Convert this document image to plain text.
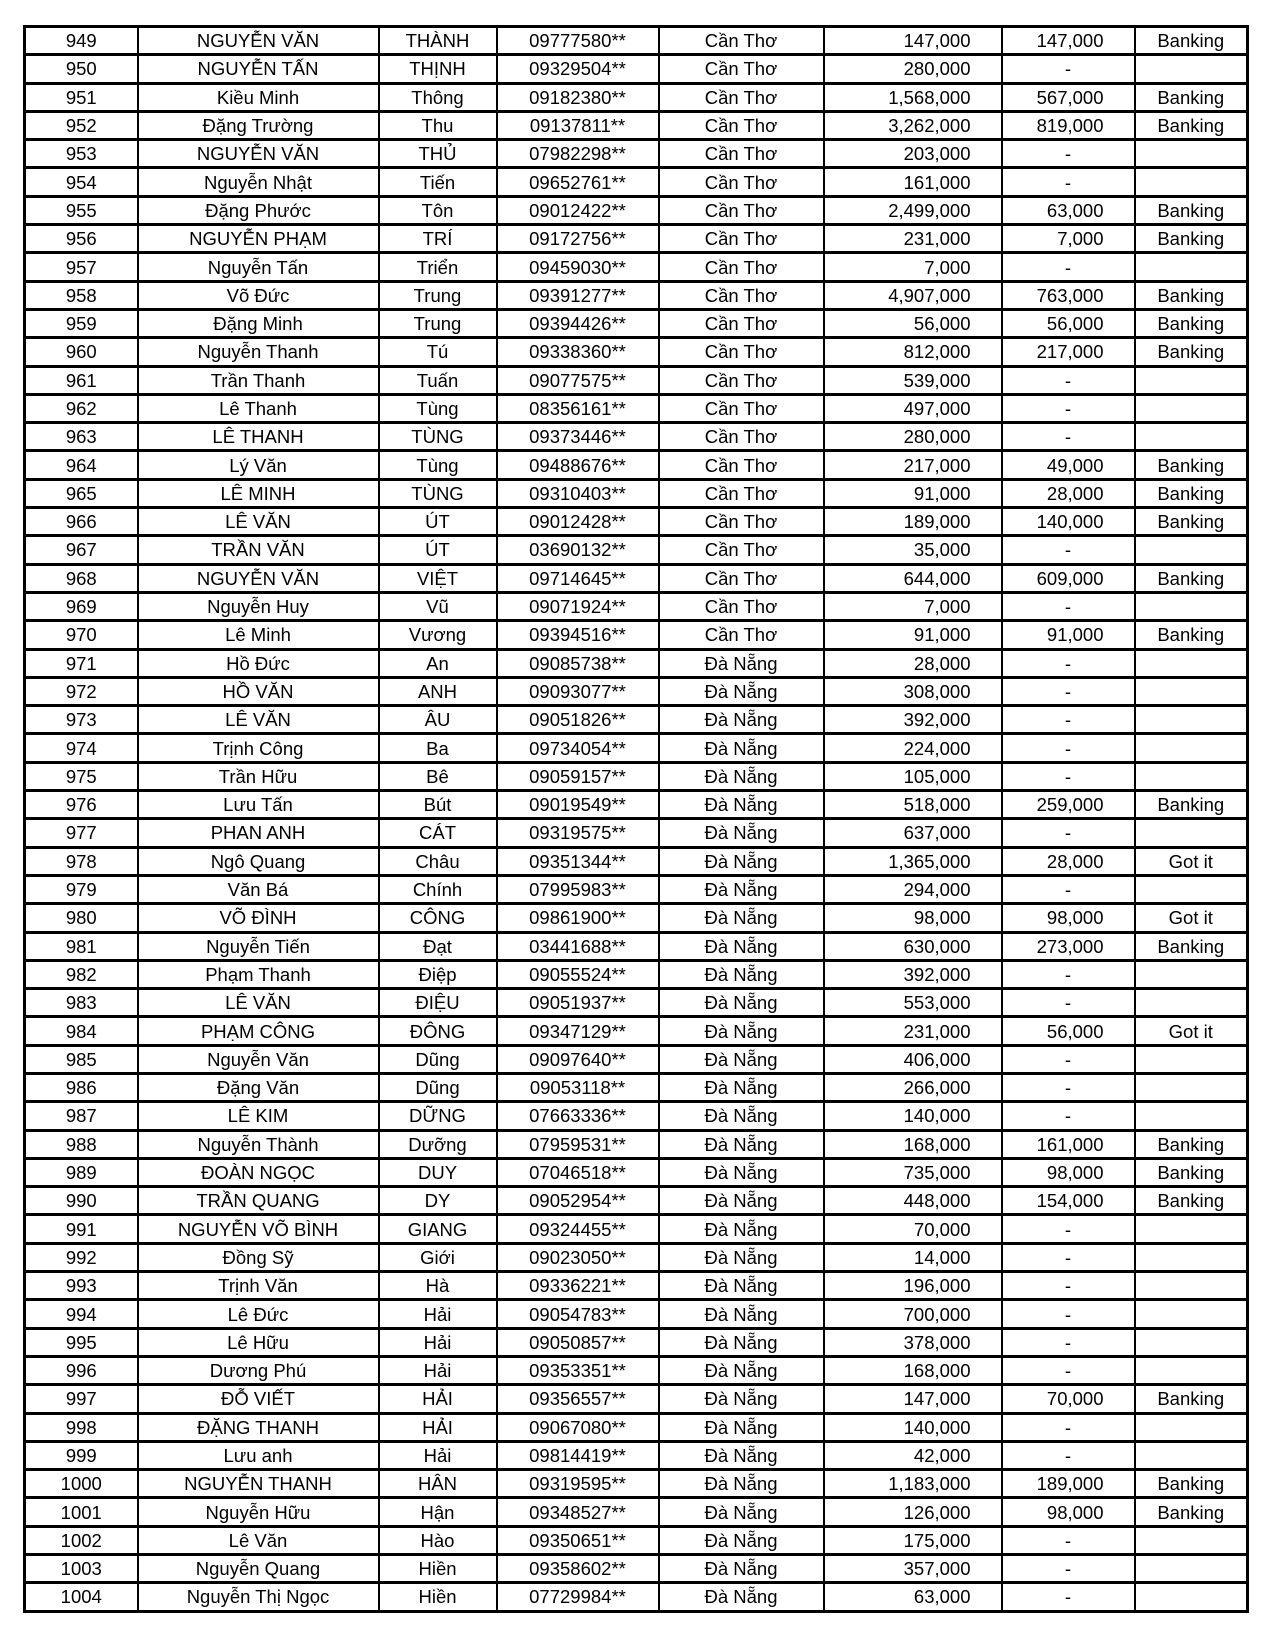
949	NGUYỄN VĂN	THÀNH	09777580**	Cần Thơ	147,000	147,000	Banking
950	NGUYỄN TẤN	THỊNH	09329504**	Cần Thơ	280,000	-	
951	Kiều Minh	Thông	09182380**	Cần Thơ	1,568,000	567,000	Banking
952	Đặng Trường	Thu	09137811**	Cần Thơ	3,262,000	819,000	Banking
953	NGUYỄN VĂN	THỦ	07982298**	Cần Thơ	203,000	-	
954	Nguyễn Nhật	Tiến	09652761**	Cần Thơ	161,000	-	
955	Đặng Phước	Tôn	09012422**	Cần Thơ	2,499,000	63,000	Banking
956	NGUYỄN PHẠM	TRÍ	09172756**	Cần Thơ	231,000	7,000	Banking
957	Nguyễn Tấn	Triển	09459030**	Cần Thơ	7,000	-	
958	Võ Đức	Trung	09391277**	Cần Thơ	4,907,000	763,000	Banking
959	Đặng Minh	Trung	09394426**	Cần Thơ	56,000	56,000	Banking
960	Nguyễn Thanh	Tú	09338360**	Cần Thơ	812,000	217,000	Banking
961	Trần Thanh	Tuấn	09077575**	Cần Thơ	539,000	-	
962	Lê Thanh	Tùng	08356161**	Cần Thơ	497,000	-	
963	LÊ THANH	TÙNG	09373446**	Cần Thơ	280,000	-	
964	Lý Văn	Tùng	09488676**	Cần Thơ	217,000	49,000	Banking
965	LÊ MINH	TÙNG	09310403**	Cần Thơ	91,000	28,000	Banking
966	LÊ VĂN	ÚT	09012428**	Cần Thơ	189,000	140,000	Banking
967	TRẦN VĂN	ÚT	03690132**	Cần Thơ	35,000	-	
968	NGUYỄN VĂN	VIỆT	09714645**	Cần Thơ	644,000	609,000	Banking
969	Nguyễn Huy	Vũ	09071924**	Cần Thơ	7,000	-	
970	Lê Minh	Vương	09394516**	Cần Thơ	91,000	91,000	Banking
971	Hồ Đức	An	09085738**	Đà Nẵng	28,000	-	
972	HỒ VĂN	ANH	09093077**	Đà Nẵng	308,000	-	
973	LÊ VĂN	ÂU	09051826**	Đà Nẵng	392,000	-	
974	Trịnh Công	Ba	09734054**	Đà Nẵng	224,000	-	
975	Trần Hữu	Bê	09059157**	Đà Nẵng	105,000	-	
976	Lưu Tấn	Bút	09019549**	Đà Nẵng	518,000	259,000	Banking
977	PHAN ANH	CÁT	09319575**	Đà Nẵng	637,000	-	
978	Ngô Quang	Châu	09351344**	Đà Nẵng	1,365,000	28,000	Got it
979	Văn Bá	Chính	07995983**	Đà Nẵng	294,000	-	
980	VÕ ĐÌNH	CÔNG	09861900**	Đà Nẵng	98,000	98,000	Got it
981	Nguyễn Tiến	Đạt	03441688**	Đà Nẵng	630,000	273,000	Banking
982	Phạm Thanh	Điệp	09055524**	Đà Nẵng	392,000	-	
983	LÊ VĂN	ĐIỆU	09051937**	Đà Nẵng	553,000	-	
984	PHẠM CÔNG	ĐÔNG	09347129**	Đà Nẵng	231,000	56,000	Got it
985	Nguyễn Văn	Dũng	09097640**	Đà Nẵng	406,000	-	
986	Đặng Văn	Dũng	09053118**	Đà Nẵng	266,000	-	
987	LÊ KIM	DỮNG	07663336**	Đà Nẵng	140,000	-	
988	Nguyễn Thành	Dưỡng	07959531**	Đà Nẵng	168,000	161,000	Banking
989	ĐOÀN NGỌC	DUY	07046518**	Đà Nẵng	735,000	98,000	Banking
990	TRẦN QUANG	DY	09052954**	Đà Nẵng	448,000	154,000	Banking
991	NGUYỄN VÕ BÌNH	GIANG	09324455**	Đà Nẵng	70,000	-	
992	Đồng Sỹ	Giới	09023050**	Đà Nẵng	14,000	-	
993	Trịnh Văn	Hà	09336221**	Đà Nẵng	196,000	-	
994	Lê Đức	Hải	09054783**	Đà Nẵng	700,000	-	
995	Lê Hữu	Hải	09050857**	Đà Nẵng	378,000	-	
996	Dương Phú	Hải	09353351**	Đà Nẵng	168,000	-	
997	ĐỖ VIẾT	HẢI	09356557**	Đà Nẵng	147,000	70,000	Banking
998	ĐẶNG THANH	HẢI	09067080**	Đà Nẵng	140,000	-	
999	Lưu anh	Hải	09814419**	Đà Nẵng	42,000	-	
1000	NGUYỄN THANH	HÂN	09319595**	Đà Nẵng	1,183,000	189,000	Banking
1001	Nguyễn Hữu	Hận	09348527**	Đà Nẵng	126,000	98,000	Banking
1002	Lê Văn	Hào	09350651**	Đà Nẵng	175,000	-	
1003	Nguyễn Quang	Hiền	09358602**	Đà Nẵng	357,000	-	
1004	Nguyễn Thị Ngọc	Hiền	07729984**	Đà Nẵng	63,000	-	
